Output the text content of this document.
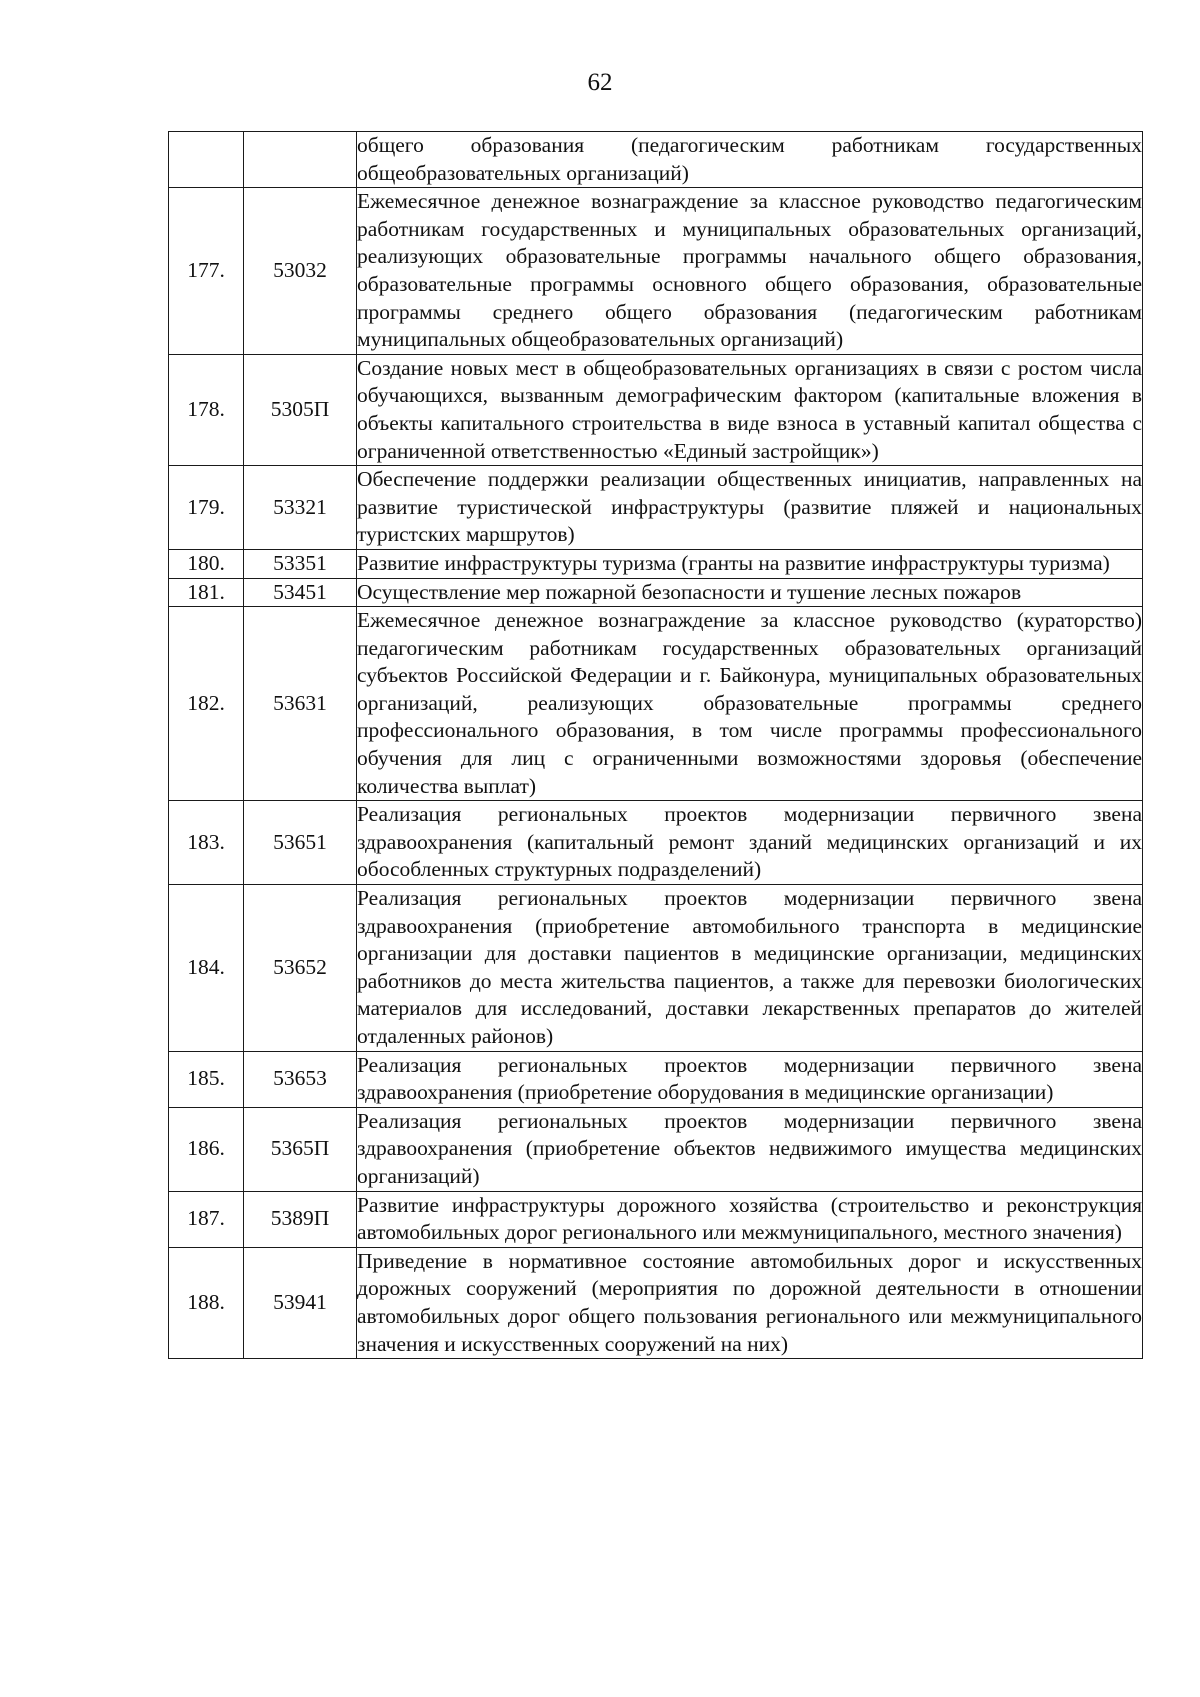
62
		общего образования (педагогическим работникам государственных общеобразовательных организаций)
177.	53032	Ежемесячное денежное вознаграждение за классное руководство педагогическим работникам государственных и муниципальных образовательных организаций, реализующих образовательные программы начального общего образования, образовательные программы основного общего образования, образовательные программы среднего общего образования (педагогическим работникам муниципальных общеобразовательных организаций)
178.	5305П	Создание новых мест в общеобразовательных организациях в связи с ростом числа обучающихся, вызванным демографическим фактором (капитальные вложения в объекты капитального строительства в виде взноса в уставный капитал общества с ограниченной ответственностью «Единый застройщик»)
179.	53321	Обеспечение поддержки реализации общественных инициатив, направленных на развитие туристической инфраструктуры (развитие пляжей и национальных туристских маршрутов)
180.	53351	Развитие инфраструктуры туризма (гранты на развитие инфраструктуры туризма)
181.	53451	Осуществление мер пожарной безопасности и тушение лесных пожаров
182.	53631	Ежемесячное денежное вознаграждение за классное руководство (кураторство) педагогическим работникам государственных образовательных организаций субъектов Российской Федерации и г. Байконура, муниципальных образовательных организаций, реализующих образовательные программы среднего профессионального образования, в том числе программы профессионального обучения для лиц с ограниченными возможностями здоровья (обеспечение количества выплат)
183.	53651	Реализация региональных проектов модернизации первичного звена здравоохранения (капитальный ремонт зданий медицинских организаций и их обособленных структурных подразделений)
184.	53652	Реализация региональных проектов модернизации первичного звена здравоохранения (приобретение автомобильного транспорта в медицинские организации для доставки пациентов в медицинские организации, медицинских работников до места жительства пациентов, а также для перевозки биологических материалов для исследований, доставки лекарственных препаратов до жителей отдаленных районов)
185.	53653	Реализация региональных проектов модернизации первичного звена здравоохранения (приобретение оборудования в медицинские организации)
186.	5365П	Реализация региональных проектов модернизации первичного звена здравоохранения (приобретение объектов недвижимого имущества медицинских организаций)
187.	5389П	Развитие инфраструктуры дорожного хозяйства (строительство и реконструкция автомобильных дорог регионального или межмуниципального, местного значения)
188.	53941	Приведение в нормативное состояние автомобильных дорог и искусственных дорожных сооружений (мероприятия по дорожной деятельности в отношении автомобильных дорог общего пользования регионального или межмуниципального значения и искусственных сооружений на них)
